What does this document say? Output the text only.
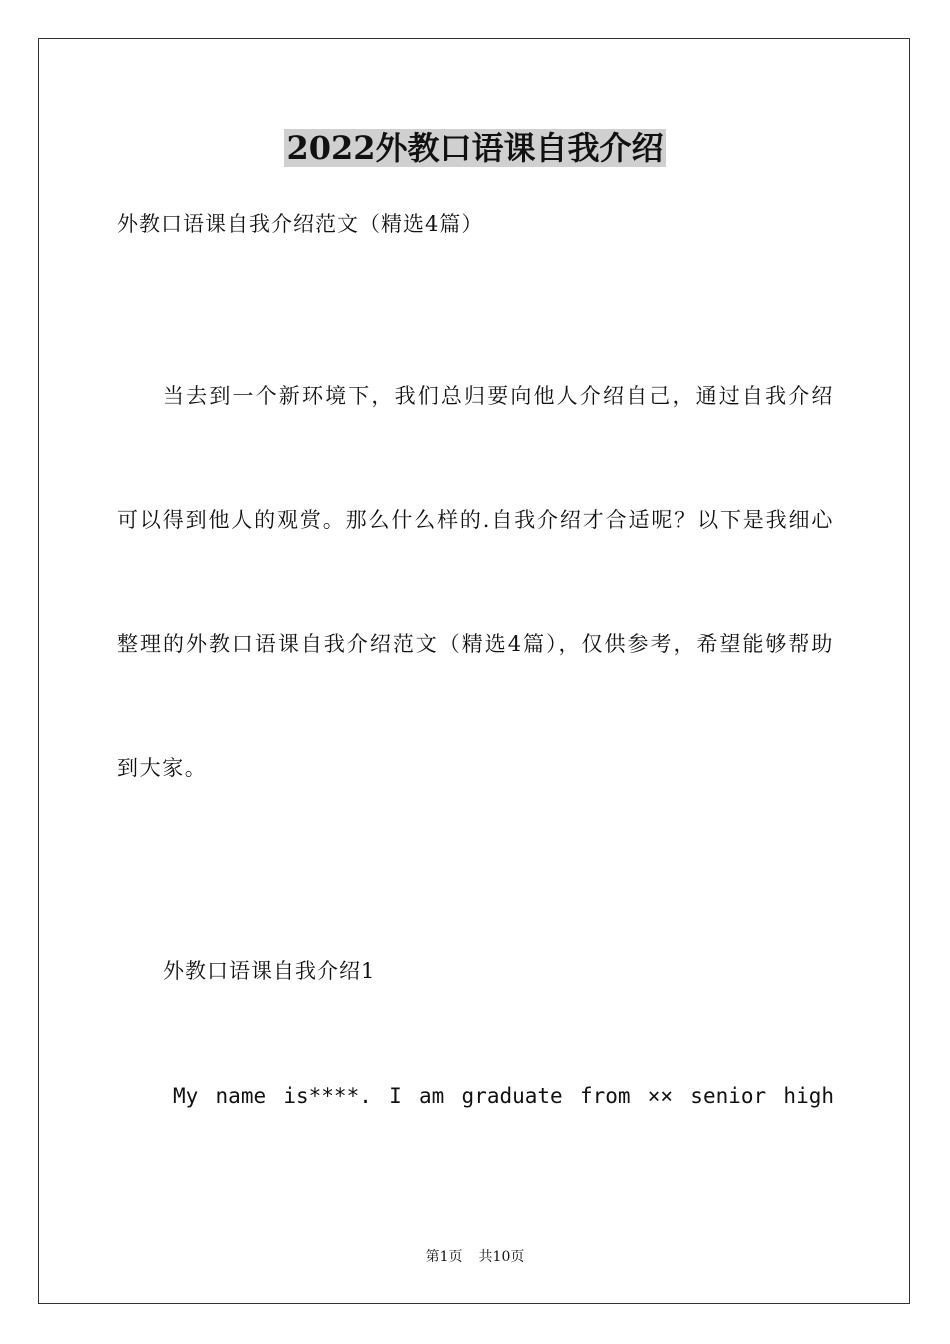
2022外教口语课自我介绍
外教口语课自我介绍范文（精选4篇）

当去到一个新环境下，我们总归要向他人介绍自己，通过自我介绍可以得到他人的观赏。那么什么样的.自我介绍才合适呢？以下是我细心整理的外教口语课自我介绍范文（精选4篇），仅供参考，希望能够帮助到大家。

外教口语课自我介绍1
My name is****. I am graduate from ×× senior high
第1页 共10页
